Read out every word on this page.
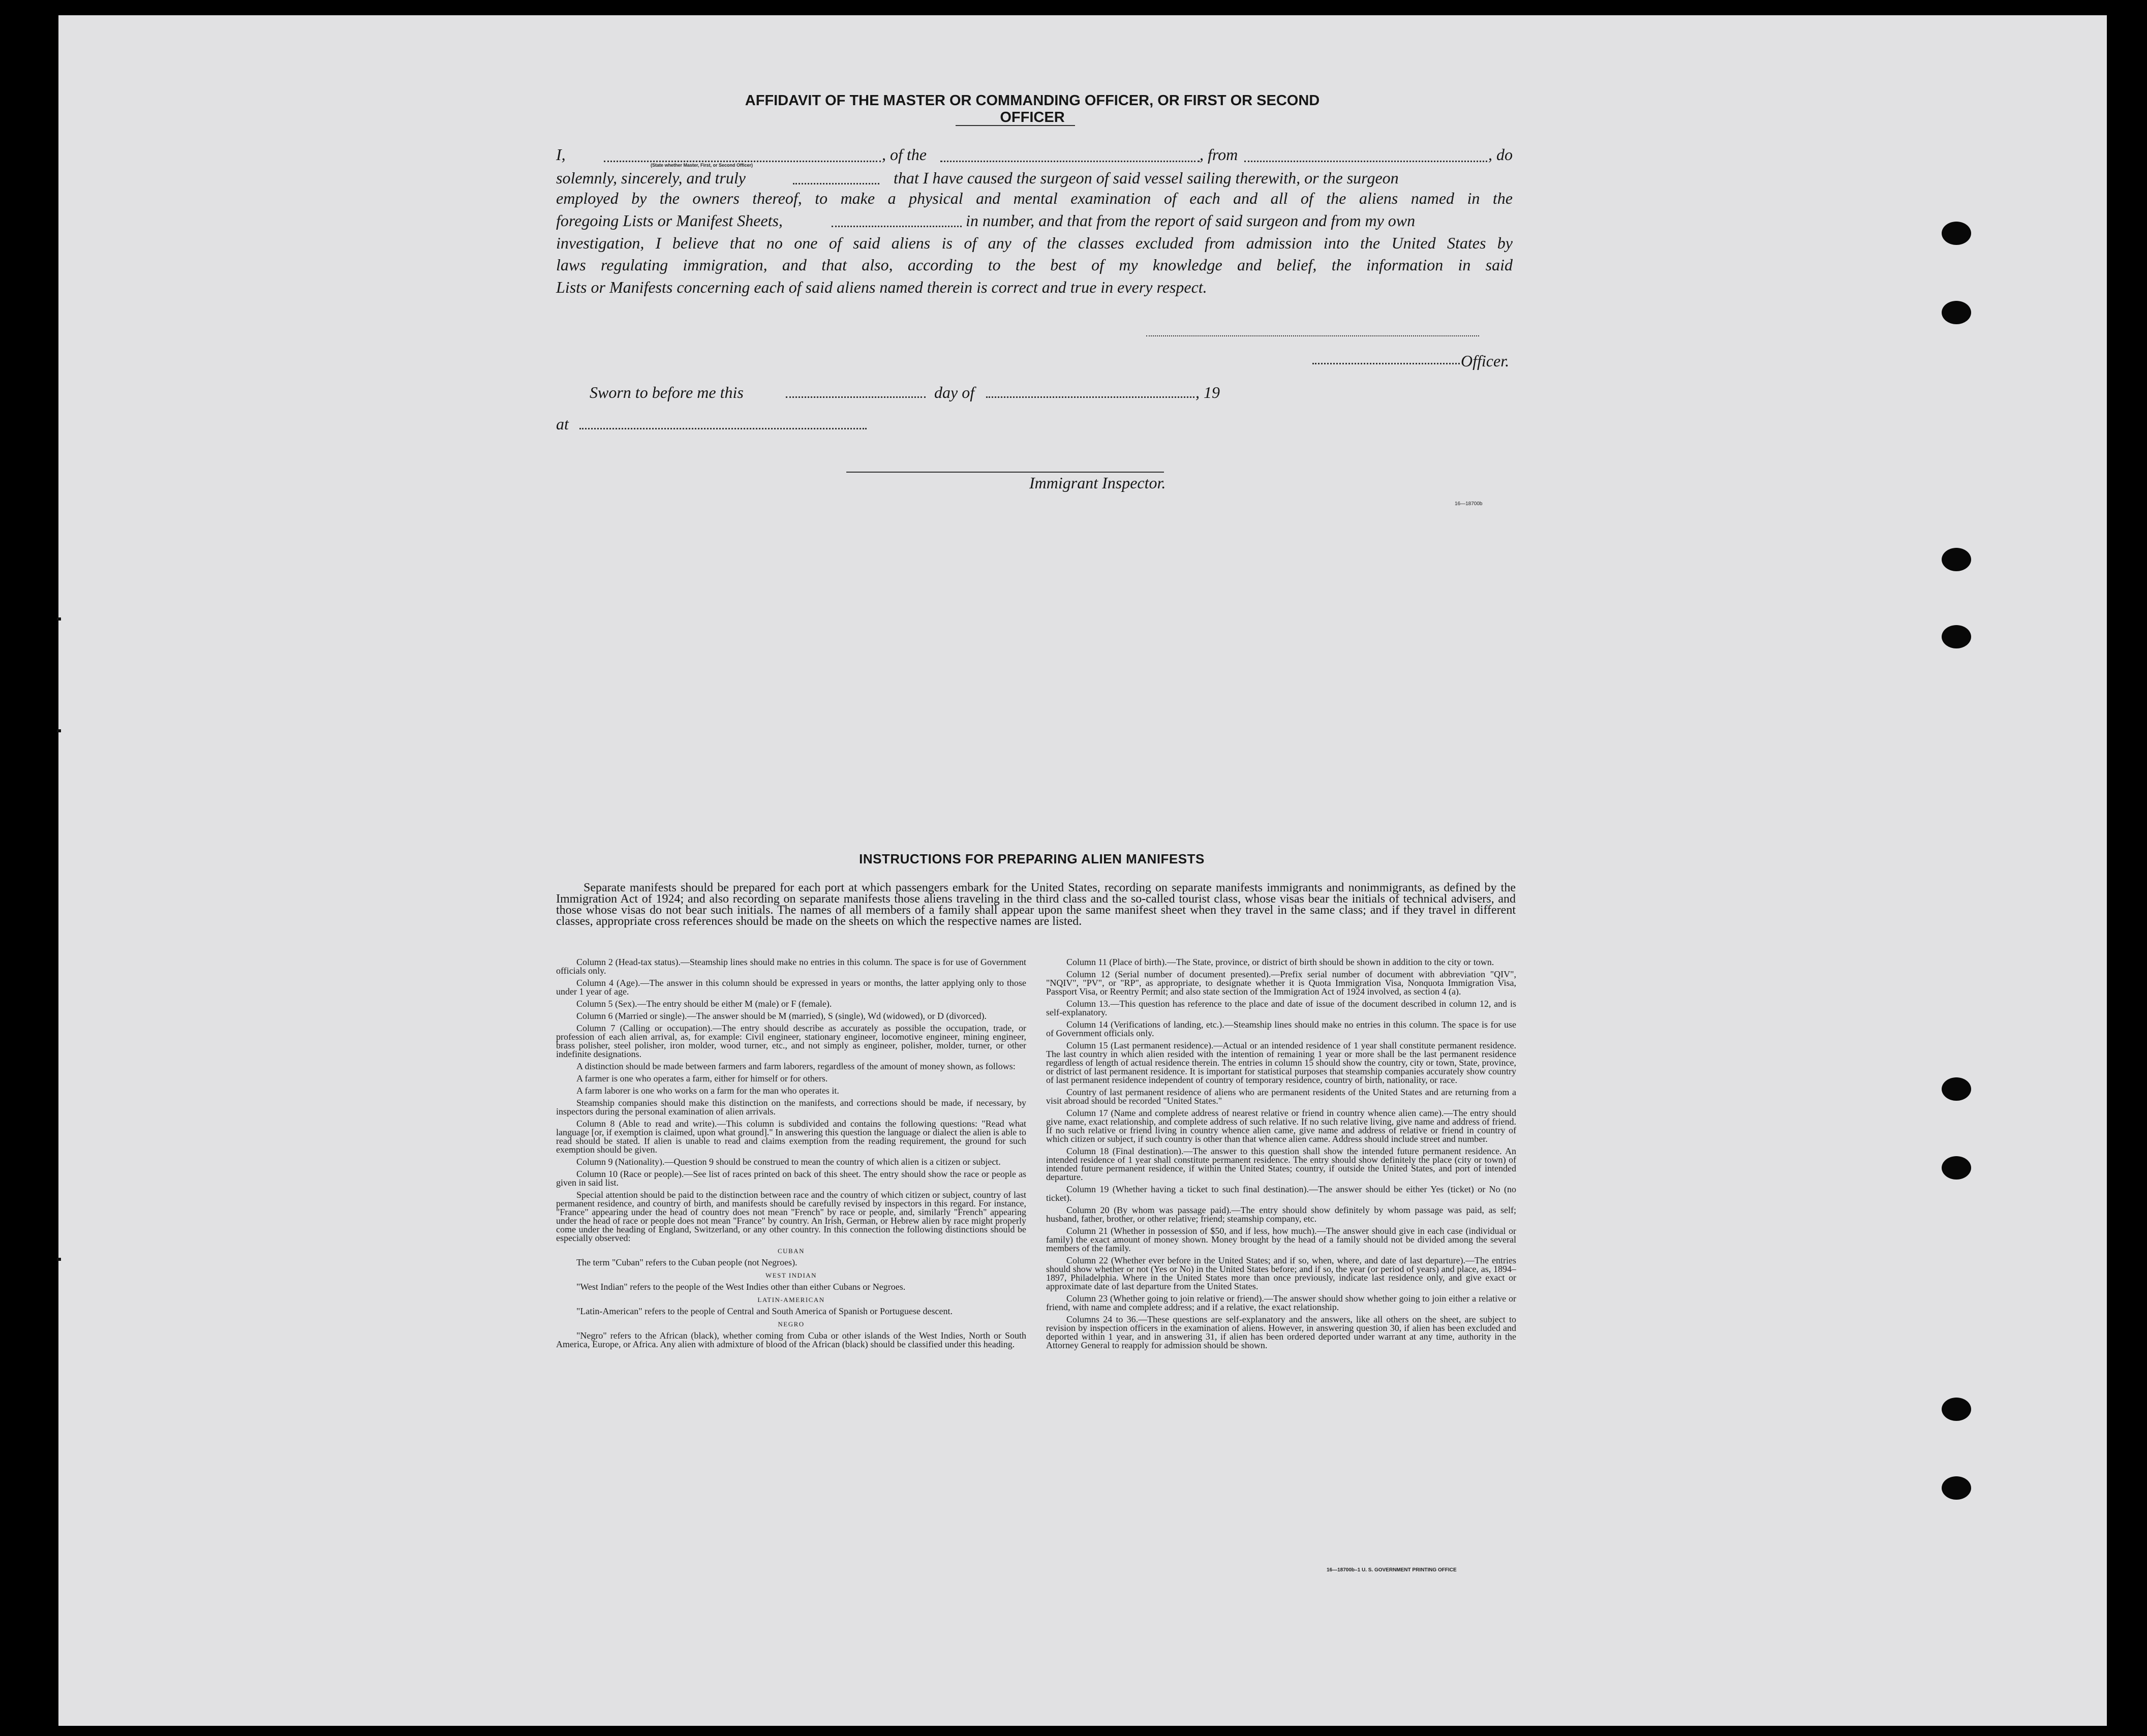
AFFIDAVIT OF THE MASTER OR COMMANDING OFFICER, OR FIRST OR SECOND OFFICER
I,	, of the	, from	, do
(State whether Master, First, or Second Officer)
solemnly, sincerely, and truly	that I have caused the surgeon of said vessel sailing therewith, or the surgeon
employed by the owners thereof, to make a physical and mental examination of each and all of the aliens named in the
foregoing Lists or Manifest Sheets,	in number, and that from the report of said surgeon and from my own
investigation, I believe that no one of said aliens is of any of the classes excluded from admission into the United States by
laws regulating immigration, and that also, according to the best of my knowledge and belief, the information in said
Lists or Manifests concerning each of said aliens named therein is correct and true in every respect.
Officer.
Sworn to before me this	day of	, 19
at
Immigrant Inspector.
16—18700b
INSTRUCTIONS FOR PREPARING ALIEN MANIFESTS
Separate manifests should be prepared for each port at which passengers embark for the United States, recording on separate manifests immigrants and nonimmigrants, as defined by the Immigration Act of 1924; and also recording on separate manifests those aliens traveling in the third class and the so-called tourist class, whose visas bear the initials of technical advisers, and those whose visas do not bear such initials. The names of all members of a family shall appear upon the same manifest sheet when they travel in the same class; and if they travel in different classes, appropriate cross references should be made on the sheets on which the respective names are listed.

Column 2 (Head-tax status).—Steamship lines should make no entries in this column. The space is for use of Government officials only.

Column 4 (Age).—The answer in this column should be expressed in years or months, the latter applying only to those under 1 year of age.

Column 5 (Sex).—The entry should be either M (male) or F (female).

Column 6 (Married or single).—The answer should be M (married), S (single), Wd (widowed), or D (divorced).

Column 7 (Calling or occupation).—The entry should describe as accurately as possible the occupation, trade, or profession of each alien arrival, as, for example: Civil engineer, stationary engineer, locomotive engineer, mining engineer, brass polisher, steel polisher, iron molder, wood turner, etc., and not simply as engineer, polisher, molder, turner, or other indefinite designations.

A distinction should be made between farmers and farm laborers, regardless of the amount of money shown, as follows:

A farmer is one who operates a farm, either for himself or for others.

A farm laborer is one who works on a farm for the man who operates it.

Steamship companies should make this distinction on the manifests, and corrections should be made, if necessary, by inspectors during the personal examination of alien arrivals.

Column 8 (Able to read and write).—This column is subdivided and contains the following questions: "Read what language [or, if exemption is claimed, upon what ground]." In answering this question the language or dialect the alien is able to read should be stated. If alien is unable to read and claims exemption from the reading requirement, the ground for such exemption should be given.

Column 9 (Nationality).—Question 9 should be construed to mean the country of which alien is a citizen or subject.

Column 10 (Race or people).—See list of races printed on back of this sheet. The entry should show the race or people as given in said list.

Special attention should be paid to the distinction between race and the country of which citizen or subject, country of last permanent residence, and country of birth, and manifests should be carefully revised by inspectors in this regard. For instance, "France" appearing under the head of country does not mean "French" by race or people, and, similarly "French" appearing under the head of race or people does not mean "France" by country. An Irish, German, or Hebrew alien by race might properly come under the heading of England, Switzerland, or any other country. In this connection the following distinctions should be especially observed:

CUBAN

The term "Cuban" refers to the Cuban people (not Negroes).

WEST INDIAN

"West Indian" refers to the people of the West Indies other than either Cubans or Negroes.

LATIN-AMERICAN

"Latin-American" refers to the people of Central and South America of Spanish or Portuguese descent.

NEGRO

"Negro" refers to the African (black), whether coming from Cuba or other islands of the West Indies, North or South America, Europe, or Africa. Any alien with admixture of blood of the African (black) should be classified under this heading.

Column 11 (Place of birth).—The State, province, or district of birth should be shown in addition to the city or town.

Column 12 (Serial number of document presented).—Prefix serial number of document with abbreviation "QIV", "NQIV", "PV", or "RP", as appropriate, to designate whether it is Quota Immigration Visa, Nonquota Immigration Visa, Passport Visa, or Reentry Permit; and also state section of the Immigration Act of 1924 involved, as section 4 (a).

Column 13.—This question has reference to the place and date of issue of the document described in column 12, and is self-explanatory.

Column 14 (Verifications of landing, etc.).—Steamship lines should make no entries in this column. The space is for use of Government officials only.

Column 15 (Last permanent residence).—Actual or an intended residence of 1 year shall constitute permanent residence. The last country in which alien resided with the intention of remaining 1 year or more shall be the last permanent residence regardless of length of actual residence therein. The entries in column 15 should show the country, city or town, State, province, or district of last permanent residence. It is important for statistical purposes that steamship companies accurately show country of last permanent residence independent of country of temporary residence, country of birth, nationality, or race.

Country of last permanent residence of aliens who are permanent residents of the United States and are returning from a visit abroad should be recorded "United States."

Column 17 (Name and complete address of nearest relative or friend in country whence alien came).—The entry should give name, exact relationship, and complete address of such relative. If no such relative living, give name and address of friend. If no such relative or friend living in country whence alien came, give name and address of relative or friend in country of which citizen or subject, if such country is other than that whence alien came. Address should include street and number.

Column 18 (Final destination).—The answer to this question shall show the intended future permanent residence. An intended residence of 1 year shall constitute permanent residence. The entry should show definitely the place (city or town) of intended future permanent residence, if within the United States; country, if outside the United States, and port of intended departure.

Column 19 (Whether having a ticket to such final destination).—The answer should be either Yes (ticket) or No (no ticket).

Column 20 (By whom was passage paid).—The entry should show definitely by whom passage was paid, as self; husband, father, brother, or other relative; friend; steamship company, etc.

Column 21 (Whether in possession of $50, and if less, how much).—The answer should give in each case (individual or family) the exact amount of money shown. Money brought by the head of a family should not be divided among the several members of the family.

Column 22 (Whether ever before in the United States; and if so, when, where, and date of last departure).—The entries should show whether or not (Yes or No) in the United States before; and if so, the year (or period of years) and place, as, 1894–1897, Philadelphia. Where in the United States more than once previously, indicate last residence only, and give exact or approximate date of last departure from the United States.

Column 23 (Whether going to join relative or friend).—The answer should show whether going to join either a relative or friend, with name and complete address; and if a relative, the exact relationship.

Columns 24 to 36.—These questions are self-explanatory and the answers, like all others on the sheet, are subject to revision by inspection officers in the examination of aliens. However, in answering question 30, if alien has been excluded and deported within 1 year, and in answering 31, if alien has been ordered deported under warrant at any time, authority in the Attorney General to reapply for admission should be shown.

16—18700b–1 U. S. GOVERNMENT PRINTING OFFICE
